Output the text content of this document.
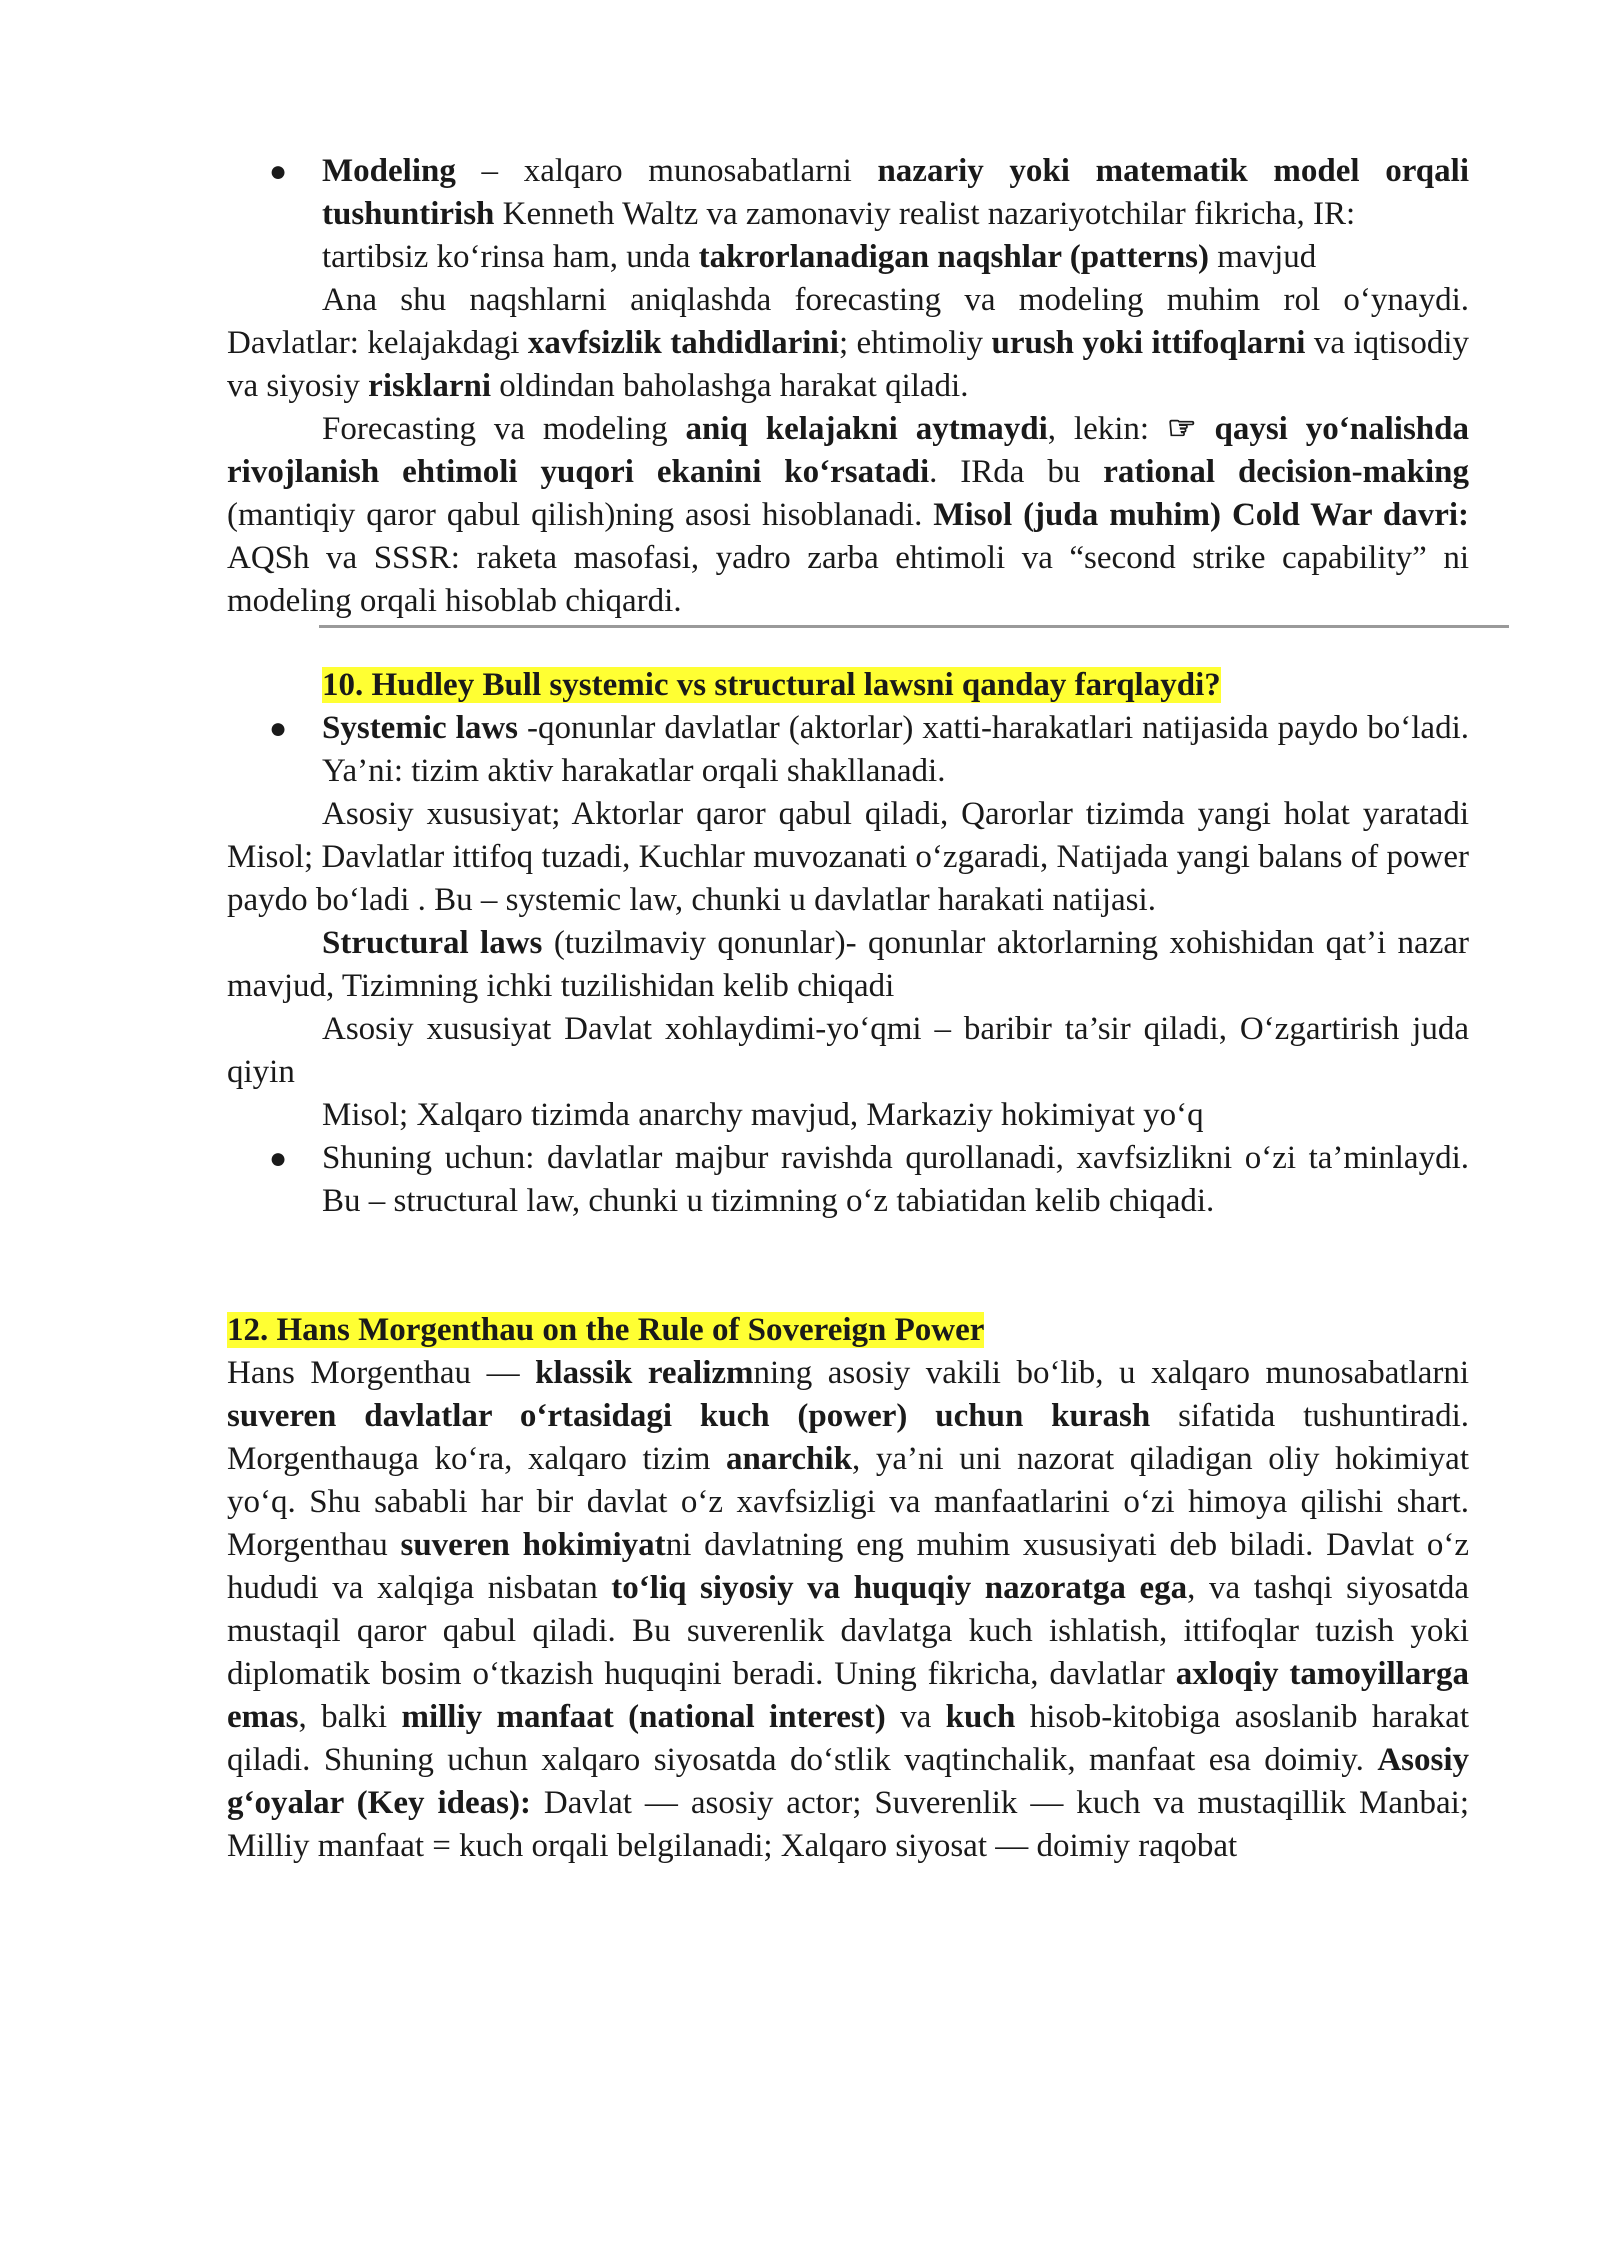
● Modeling – xalqaro munosabatlarni nazariy yoki matematik model orqali tushuntirish Kenneth Waltz va zamonaviy realist nazariyotchilar fikricha, IR:

tartibsiz ko‘rinsa ham, unda takrorlanadigan naqshlar (patterns) mavjud

Ana shu naqshlarni aniqlashda forecasting va modeling muhim rol o‘ynaydi. Davlatlar: kelajakdagi xavfsizlik tahdidlarini; ehtimoliy urush yoki ittifoqlarni va iqtisodiy va siyosiy risklarni oldindan baholashga harakat qiladi.

Forecasting va modeling aniq kelajakni aytmaydi, lekin: ☞ qaysi yo‘nalishda rivojlanish ehtimoli yuqori ekanini ko‘rsatadi. IRda bu rational decision-making (mantiqiy qaror qabul qilish)ning asosi hisoblanadi. Misol (juda muhim) Cold War davri: AQSh va SSSR: raketa masofasi, yadro zarba ehtimoli va “second strike capability” ni modeling orqali hisoblab chiqardi.

10. Hudley Bull systemic vs structural lawsni qanday farqlaydi?

● Systemic laws -qonunlar davlatlar (aktorlar) xatti-harakatlari natijasida paydo bo‘ladi. Ya’ni: tizim aktiv harakatlar orqali shakllanadi.

Asosiy xususiyat; Aktorlar qaror qabul qiladi, Qarorlar tizimda yangi holat yaratadi Misol; Davlatlar ittifoq tuzadi, Kuchlar muvozanati o‘zgaradi, Natijada yangi balans of power paydo bo‘ladi . Bu – systemic law, chunki u davlatlar harakati natijasi.

Structural laws (tuzilmaviy qonunlar)- qonunlar aktorlarning xohishidan qat’i nazar mavjud, Tizimning ichki tuzilishidan kelib chiqadi

Asosiy xususiyat Davlat xohlaydimi-yo‘qmi – baribir ta’sir qiladi, O‘zgartirish juda qiyin

Misol; Xalqaro tizimda anarchy mavjud, Markaziy hokimiyat yo‘q

● Shuning uchun: davlatlar majbur ravishda qurollanadi, xavfsizlikni o‘zi ta’minlaydi. Bu – structural law, chunki u tizimning o‘z tabiatidan kelib chiqadi.

12. Hans Morgenthau on the Rule of Sovereign Power

Hans Morgenthau — klassik realizmning asosiy vakili bo‘lib, u xalqaro munosabatlarni suveren davlatlar o‘rtasidagi kuch (power) uchun kurash sifatida tushuntiradi. Morgenthauga ko‘ra, xalqaro tizim anarchik, ya’ni uni nazorat qiladigan oliy hokimiyat yo‘q. Shu sababli har bir davlat o‘z xavfsizligi va manfaatlarini o‘zi himoya qilishi shart. Morgenthau suveren hokimiyatni davlatning eng muhim xususiyati deb biladi. Davlat o‘z hududi va xalqiga nisbatan to‘liq siyosiy va huquqiy nazoratga ega, va tashqi siyosatda mustaqil qaror qabul qiladi. Bu suverenlik davlatga kuch ishlatish, ittifoqlar tuzish yoki diplomatik bosim o‘tkazish huquqini beradi. Uning fikricha, davlatlar axloqiy tamoyillarga emas, balki milliy manfaat (national interest) va kuch hisob-kitobiga asoslanib harakat qiladi. Shuning uchun xalqaro siyosatda do‘stlik vaqtinchalik, manfaat esa doimiy. Asosiy g‘oyalar (Key ideas): Davlat — asosiy actor; Suverenlik — kuch va mustaqillik Manbai; Milliy manfaat = kuch orqali belgilanadi; Xalqaro siyosat — doimiy raqobat
